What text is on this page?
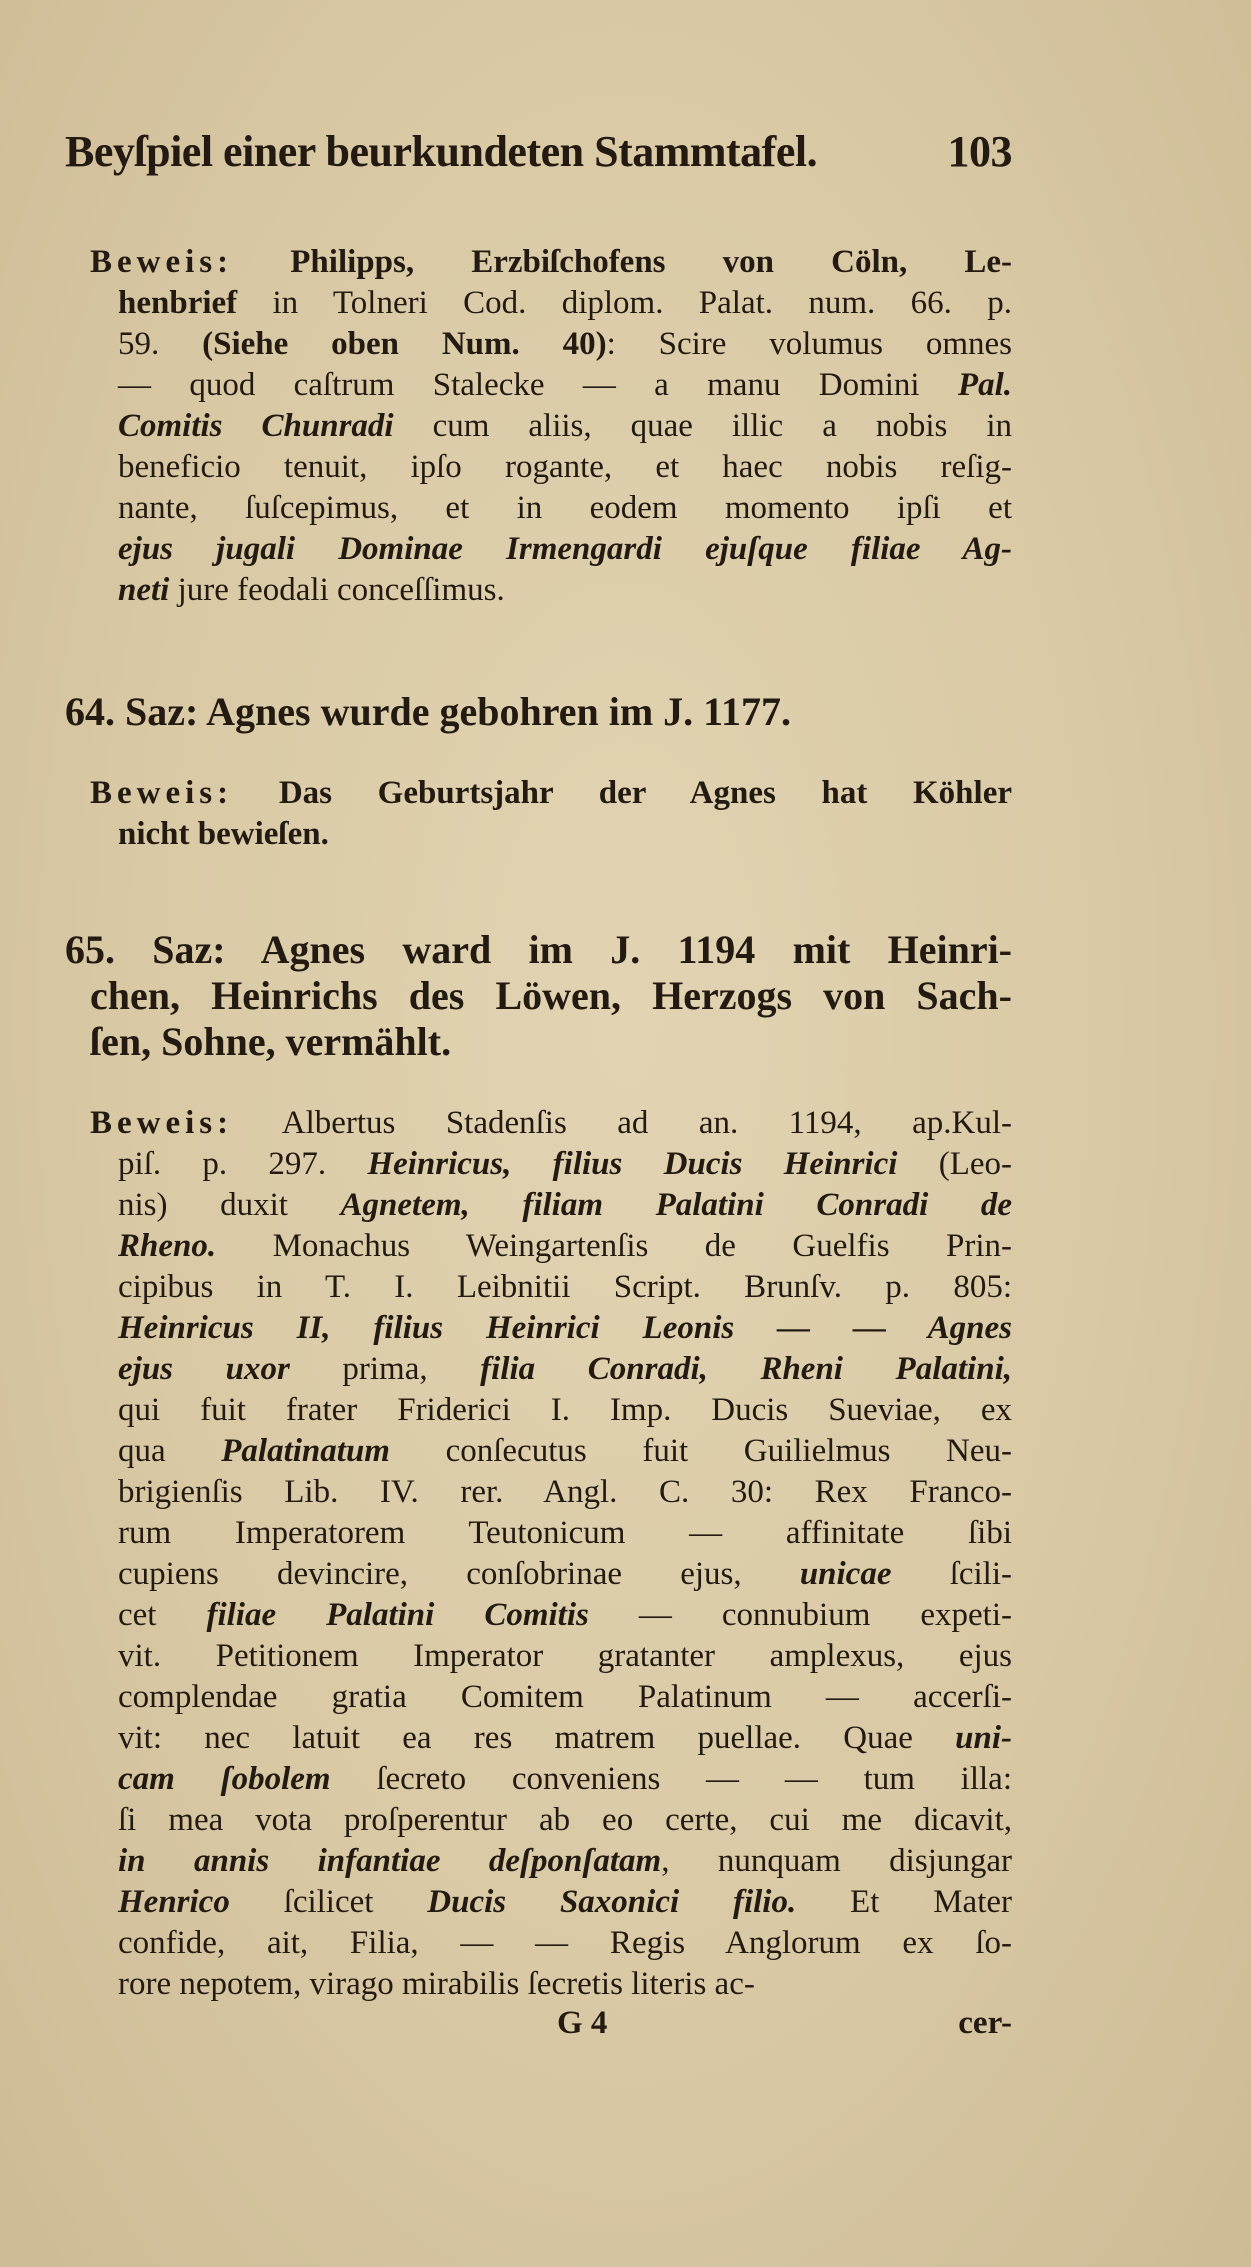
Beyſpiel einer beurkundeten Stammtafel.	103
Beweis: Philipps, Erzbiſchofens von Cöln, Le-
henbrief in Tolneri Cod. diplom. Palat. num. 66. p.
59. (Siehe oben Num. 40): Scire volumus omnes
— quod caſtrum Stalecke — a manu Domini Pal.
Comitis Chunradi cum aliis, quae illic a nobis in
beneficio tenuit, ipſo rogante, et haec nobis reſig-
nante, ſuſcepimus, et in eodem momento ipſi et
ejus jugali Dominae Irmengardi ejuſque filiae Ag-
neti jure feodali conceſſimus.
64. Saz: Agnes wurde gebohren im J. 1177.
Beweis: Das Geburtsjahr der Agnes hat Köhler
nicht bewieſen.
65. Saz: Agnes ward im J. 1194 mit Heinri-
chen, Heinrichs des Löwen, Herzogs von Sach-
ſen, Sohne, vermählt.
Beweis: Albertus Stadenſis ad an. 1194, ap.Kul-
piſ. p. 297. Heinricus, filius Ducis Heinrici (Leo-
nis) duxit Agnetem, filiam Palatini Conradi de
Rheno. Monachus Weingartenſis de Guelfis Prin-
cipibus in T. I. Leibnitii Script. Brunſv. p. 805:
Heinricus II, filius Heinrici Leonis — — Agnes
ejus uxor prima, filia Conradi, Rheni Palatini,
qui fuit frater Friderici I. Imp. Ducis Sueviae, ex
qua Palatinatum conſecutus fuit Guilielmus Neu-
brigienſis Lib. IV. rer. Angl. C. 30: Rex Franco-
rum Imperatorem Teutonicum — affinitate ſibi
cupiens devincire, conſobrinae ejus, unicae ſcili-
cet filiae Palatini Comitis — connubium expeti-
vit. Petitionem Imperator gratanter amplexus, ejus
complendae gratia Comitem Palatinum — accerſi-
vit: nec latuit ea res matrem puellae. Quae uni-
cam ſobolem ſecreto conveniens — — tum illa:
ſi mea vota proſperentur ab eo certe, cui me dicavit,
in annis infantiae deſponſatam, nunquam disjungar
Henrico ſcilicet Ducis Saxonici filio. Et Mater
confide, ait, Filia, — — Regis Anglorum ex ſo-
rore nepotem, virago mirabilis ſecretis literis ac-
G 4	cer-
